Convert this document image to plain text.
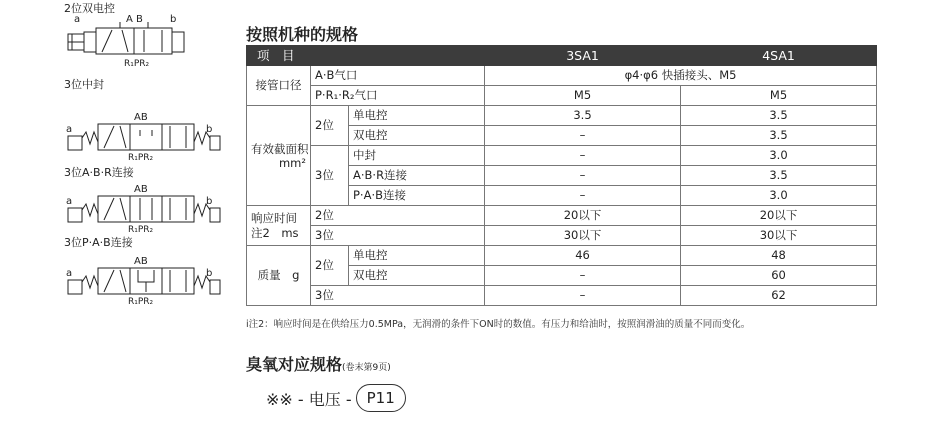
2位双电控
a	A B	b
R₁PR₂
3位中封
a
AB
b
R₁PR₂
3位A·B·R连接
a
AB
b
R₁PR₂
3位P·A·B连接
a
AB
b
R₁PR₂
按照机种的规格
项　目			3SA1	4SA1
接管口径	A·B气口		φ4·φ6 快插接头、M5	
	P·R₁·R₂气口		M5	M5

有效截面积
mm²	2位	单电控	3.5	3.5
		双电控	–	3.5
	3位	中封	–	3.0
		A·B·R连接	–	3.5
		P·A·B连接	–	3.0

响应时间
注2　ms	2位		20以下	20以下
	3位		30以下	30以下
质量　g	2位	单电控	46	48
		双电控	–	60
	3位		–	62
i注2：响应时间是在供给压力0.5MPa，无润滑的条件下ON时的数值。有压力和给油时，按照润滑油的质量不同而变化。
臭氧对应规格(卷末第9页)
※※ - 电压 -	P11
